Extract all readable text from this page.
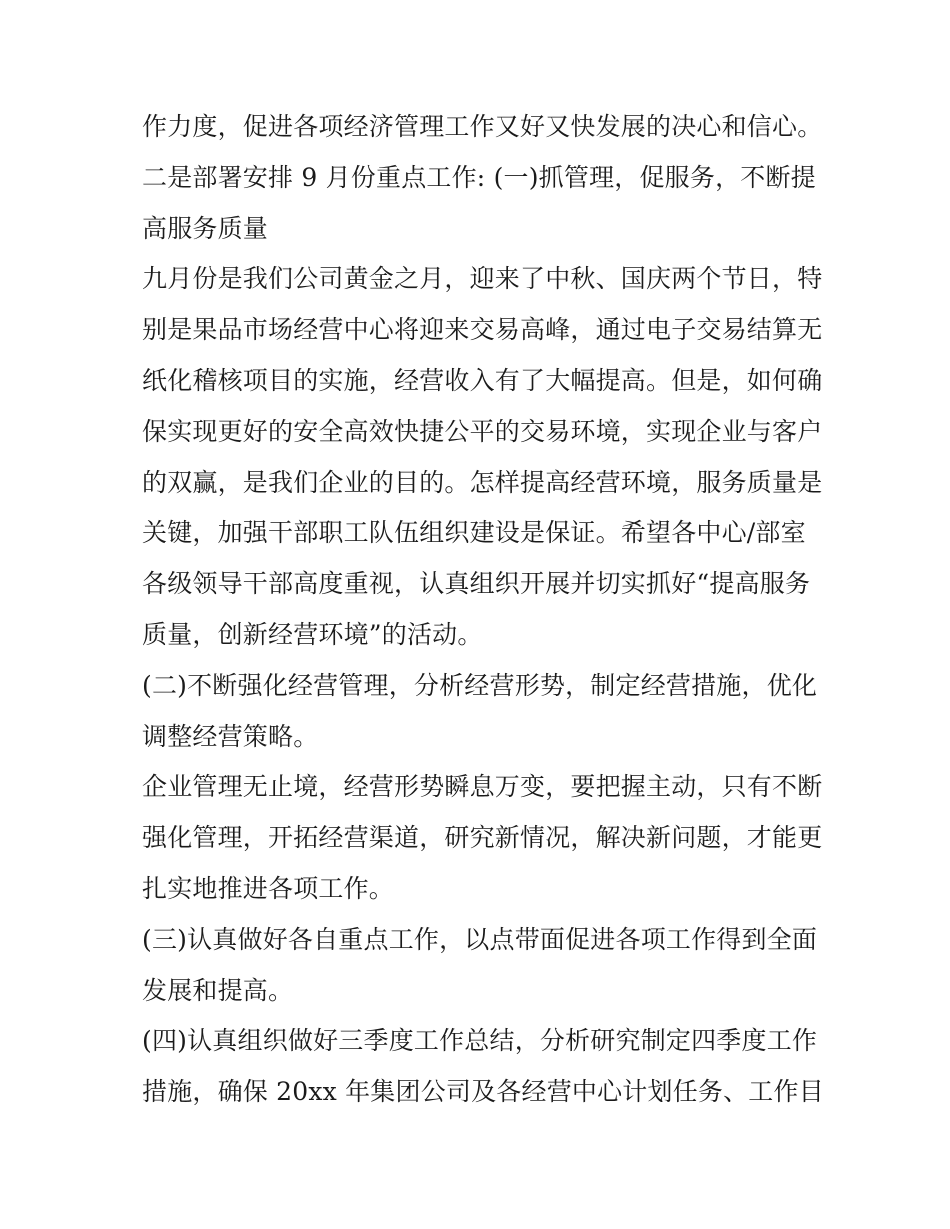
作力度，促进各项经济管理工作又好又快发展的决心和信心。
二是部署安排 9 月份重点工作: (一)抓管理，促服务，不断提
高服务质量
九月份是我们公司黄金之月，迎来了中秋、国庆两个节日，特
别是果品市场经营中心将迎来交易高峰，通过电子交易结算无
纸化稽核项目的实施，经营收入有了大幅提高。但是，如何确
保实现更好的安全高效快捷公平的交易环境，实现企业与客户
的双赢，是我们企业的目的。怎样提高经营环境，服务质量是
关键，加强干部职工队伍组织建设是保证。希望各中心/部室
各级领导干部高度重视，认真组织开展并切实抓好“提高服务
质量，创新经营环境”的活动。
(二)不断强化经营管理，分析经营形势，制定经营措施，优化
调整经营策略。
企业管理无止境，经营形势瞬息万变，要把握主动，只有不断
强化管理，开拓经营渠道，研究新情况，解决新问题，才能更
扎实地推进各项工作。
(三)认真做好各自重点工作，以点带面促进各项工作得到全面
发展和提高。
(四)认真组织做好三季度工作总结，分析研究制定四季度工作
措施，确保 20xx 年集团公司及各经营中心计划任务、工作目
